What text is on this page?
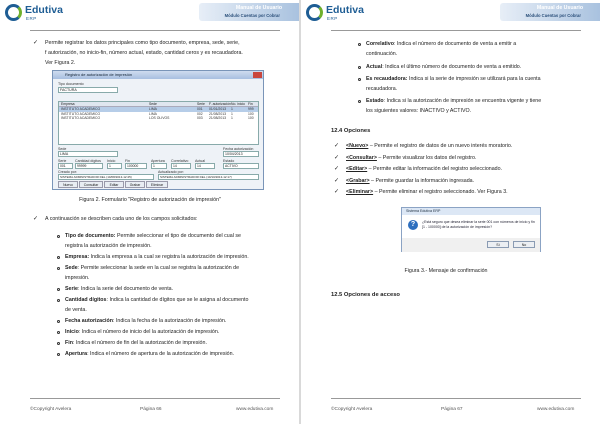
Edutiva
ERP
Manual de Usuario
Módulo Cuentas por Cobrar
✓ Permite registrar los datos principales como tipo documento, empresa, sede, serie,
f autorización, no inicio-fin, número actual, estado, cantidad ceros y es recaudadora.
Ver Figura 2.
Registro de autorización de impresión
Tipo documento
FACTURA
Empresa	Sede	Serie F. autorización No. inicio Fin
INSTITUTO ACADEMICO	LIMA	001 01/01/2013 1	999
INSTITUTO ACADEMICO	LIMA	002 21/08/2013 1	100
INSTITUTO ACADEMICO	LOS OLIVOS	003 21/08/2013 1	100
Sede
LIMA
Fecha autorización
10/04/2013
Serie Cantidad dígitos Inicio	Fin	Apertura Correlativo Actual	Estado
001	99999	1	100000	1	14	14	ACTIVO
Creado por:	Actualizado por:
SISTEMA ADMINISTRADOR DEL (10/08/2013-12:45)	SISTEMA ADMINISTRADOR DEL (10/10/2013-12:17)
Nuevo	Consultar	Editar	Grabar	Eliminar
Figura 2. Formulario "Registro de autorización de impresión"
✓ A continuación se describen cada uno de los campos solicitados:
Tipo de documento: Permite seleccionar el tipo de documento del cual se
registra la autorización de impresión.
Empresa: Indica la empresa a la cual se registra la autorización de impresión.
Sede: Permite seleccionar la sede en la cual se registra la autorización de
impresión.
Serie: Indica la serie del documento de venta.
Cantidad dígitos: Indica la cantidad de dígitos que se le asigna al documento
de venta.
Fecha autorización: Indica la fecha de la autorización de impresión.
Inicio: Indica el número de inicio del la autorización de impresión.
Fin: Indica el número de fin del la autorización de impresión.
Apertura: Indica el número de apertura de la autorización de impresión.
©Copyright Avelera	Página 66	www.edutiva.com
Edutiva
ERP
Manual de Usuario
Módulo Cuentas por Cobrar
Correlativo: Indica el número de documento de venta a emitir a
continuación.
Actual: Indica el último número de documento de venta a emitido.
Es recaudadora: Indica si la serie de impresión se utilizará para la cuenta
recaudadora.
Estado: Indica si la autorización de impresión se encuentra vigente y tiene
los siguientes valores: INACTIVO y ACTIVO.
12.4 Opciones
✓ <Nuevo> – Permite el registro de datos de un nuevo interés moratorio.
✓ <Consultar> – Permite visualizar los datos del registro.
✓ <Editar> – Permite editar la información del registro seleccionado.
✓ <Grabar> – Permite guardar la información ingresada.
✓ <Eliminar> – Permite eliminar el registro seleccionado. Ver Figura 3.
Sistema Edutiva ERP
?	¿Está seguro que desea eliminar la serie 001 con números de inicio y fin [1 - 100000] de la autorización de impresión?
Sí	No
Figura 3.- Mensaje de confirmación
12.5 Opciones de acceso
©Copyright Avelera	Página 67	www.edutiva.com
